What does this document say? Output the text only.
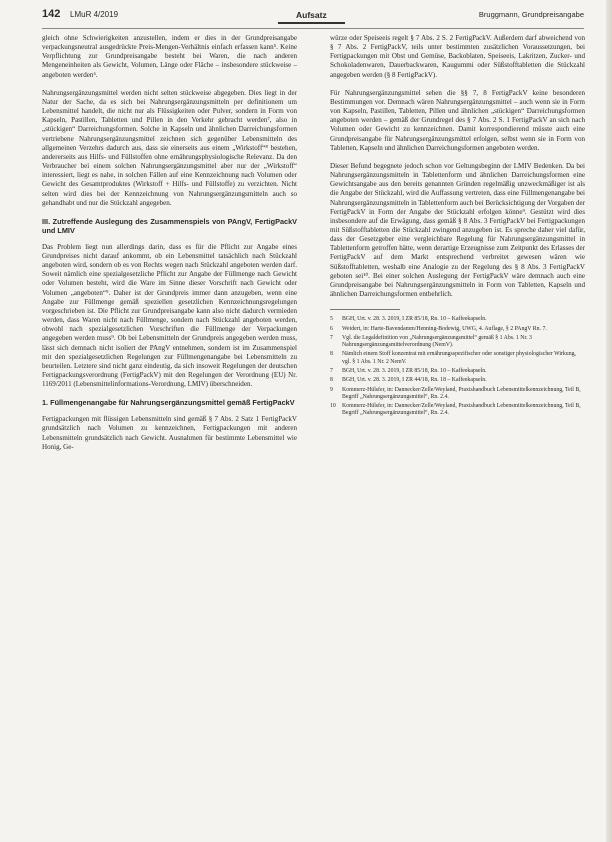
142 LMuR 4/2019	Aufsatz	Bruggmann, Grundpreisangabe

gleich ohne Schwierigkeiten anzustellen, indem er dies in der Grundpreisangabe verpackungsneutral ausgedrückte Preis-Mengen-Verhältnis einfach erfassen kann⁵. Keine Verpflichtung zur Grundpreisangabe besteht bei Waren, die nach anderen Mengeneinheiten als Gewicht, Volumen, Länge oder Fläche – insbesondere stückweise – angeboten werden⁶.

Nahrungsergänzungsmittel werden nicht selten stückweise abgegeben. Dies liegt in der Natur der Sache, da es sich bei Nahrungsergänzungsmitteln per definitionem um Lebensmittel handelt, die nicht nur als Flüssigkeiten oder Pulver, sondern in Form von Kapseln, Pastillen, Tabletten und Pillen in den Verkehr gebracht werden⁷, also in „stückigen“ Darreichungsformen. Solche in Kapseln und ähnlichen Darreichungsformen vertriebene Nahrungsergänzungsmittel zeichnen sich gegenüber Lebensmitteln des allgemeinen Verzehrs dadurch aus, dass sie einerseits aus einem „Wirkstoff“⁸ bestehen, andererseits aus Hilfs- und Füllstoffen ohne ernährungsphysiologische Relevanz. Da den Verbraucher bei einem solchen Nahrungsergänzungsmittel aber nur der „Wirkstoff“ interessiert, liegt es nahe, in solchen Fällen auf eine Kennzeichnung nach Volumen oder Gewicht des Gesamtproduktes (Wirkstoff + Hilfs- und Füllstoffe) zu verzichten. Nicht selten wird dies bei der Kennzeichnung von Nahrungsergänzungsmitteln auch so gehandhabt und nur die Stückzahl angegeben.

III. Zutreffende Auslegung des Zusammenspiels von PAngV, FertigPackV und LMIV

Das Problem liegt nun allerdings darin, dass es für die Pflicht zur Angabe eines Grundpreises nicht darauf ankommt, ob ein Lebensmittel tatsächlich nach Stückzahl angeboten wird, sondern ob es von Rechts wegen nach Stückzahl angeboten werden darf. Soweit nämlich eine spezialgesetzliche Pflicht zur Angabe der Füllmenge nach Gewicht oder Volumen besteht, wird die Ware im Sinne dieser Vorschrift nach Gewicht oder Volumen „angeboten“⁹. Daher ist der Grundpreis immer dann anzugeben, wenn eine Angabe zur Füllmenge gemäß speziellen gesetzlichen Kennzeichnungsregelungen vorgeschrieben ist. Die Pflicht zur Grundpreisangabe kann also nicht dadurch vermieden werden, dass Waren nicht nach Füllmenge, sondern nach Stückzahl angeboten werden, obwohl nach spezialgesetzlichen Vorschriften die Füllmenge der Verpackungen angegeben werden muss⁹. Ob bei Lebensmitteln der Grundpreis angegeben werden muss, lässt sich demnach nicht isoliert der PAngV entnehmen, sondern ist im Zusammenspiel mit den spezialgesetzlichen Regelungen zur Füllmengenangabe bei Lebensmitteln zu beurteilen. Letztere sind nicht ganz eindeutig, da sich insoweit Regelungen der deutschen Fertigpackungsverordnung (FertigPackV) mit den Regelungen der Verordnung (EU) Nr. 1169/2011 (Lebensmittelinformations-Verordnung, LMIV) überschneiden.

1. Füllmengenangabe für Nahrungsergänzungsmittel gemäß FertigPackV

Fertigpackungen mit flüssigen Lebensmitteln sind gemäß § 7 Abs. 2 Satz 1 FertigPackV grundsätzlich nach Volumen zu kennzeichnen, Fertigpackungen mit anderen Lebensmitteln grundsätzlich nach Gewicht. Ausnahmen für bestimmte Lebensmittel wie Honig, Ge-

würze oder Speiseeis regelt § 7 Abs. 2 S. 2 FertigPackV. Außerdem darf abweichend von § 7 Abs. 2 FertigPackV, teils unter bestimmten zusätzlichen Voraussetzungen, bei Fertigpackungen mit Obst und Gemüse, Backoblaten, Speiseeis, Lakritzen, Zucker- und Schokoladenwaren, Dauerbackwaren, Kaugummi oder Süßstofftabletten die Stückzahl angegeben werden (§ 8 FertigPackV).

Für Nahrungsergänzungsmittel sehen die §§ 7, 8 FertigPackV keine besonderen Bestimmungen vor. Demnach wären Nahrungsergänzungsmittel – auch wenn sie in Form von Kapseln, Pastillen, Tabletten, Pillen und ähnlichen „stückigen“ Darreichungsformen angeboten werden – gemäß der Grundregel des § 7 Abs. 2 S. 1 FertigPackV an sich nach Volumen oder Gewicht zu kennzeichnen. Damit korrespondierend müsste auch eine Grundpreisangabe für Nahrungsergänzungsmittel erfolgen, selbst wenn sie in Form von Tabletten, Kapseln und ähnlichen Darreichungsformen angeboten werden.

Dieser Befund begegnete jedoch schon vor Geltungsbeginn der LMIV Bedenken. Da bei Nahrungsergänzungsmitteln in Tablettenform und ähnlichen Darreichungsformen eine Gewichtsangabe aus den bereits genannten Gründen regelmäßig unzweckmäßiger ist als die Angabe der Stückzahl, wird die Auffassung vertreten, dass eine Füllmengenangabe bei Nahrungsergänzungsmitteln in Tablettenform auch bei Berücksichtigung der Vorgaben der FertigPackV in Form der Angabe der Stückzahl erfolgen könne⁹. Gestützt wird dies insbesondere auf die Erwägung, dass gemäß § 8 Abs. 3 FertigPackV bei Fertigpackungen mit Süßstofftabletten die Stückzahl zwingend anzugeben ist. Es spreche daher viel dafür, dass der Gesetzgeber eine vergleichbare Regelung für Nahrungsergänzungsmittel in Tablettenform getroffen hätte, wenn derartige Erzeugnisse zum Zeitpunkt des Erlasses der FertigPackV auf dem Markt entsprechend verbreitet gewesen wären wie Süßstofftabletten, weshalb eine Analogie zu der Regelung des § 8 Abs. 3 FertigPackV geboten sei¹⁰. Bei einer solchen Auslegung der FertigPackV wäre demnach auch eine Grundpreisangabe bei Nahrungsergänzungsmitteln in Form von Tabletten, Kapseln und ähnlichen Darreichungsformen entbehrlich.

5	BGH, Urt. v. 28. 3. 2019, I ZR 85/18, Rn. 10 – Kaffeekapseln.
6	Weidert, in: Harte-Bavendamm/Henning-Bodewig, UWG, 4. Auflage, § 2 PAngV Rn. 7.
7	Vgl. die Legaldefinition von „Nahrungsergänzungsmittel“ gemäß § 1 Abs. 1 Nr. 3 Nahrungsergänzungsmittelverordnung (NemV).
8	Nämlich einem Stoff konzentrat mit ernährungsspezifischer oder sonstiger physiologischer Wirkung, vgl. § 1 Abs. 1 Nr. 2 NemV.
7	BGH, Urt. v. 28. 3. 2019, I ZR 85/18, Rn. 10 – Kaffeekapseln.
8	BGH, Urt. v. 28. 3. 2019, I ZR 44/18, Rn. 18 – Kaffeekapseln.
9	Kommerz-Hülsfer, in: Dannecker/Zelle/Weyland, Praxishandbuch Lebensmittelkennzeichnung, Teil B, Begriff „Nahrungsergänzungsmittel“, Rn. 2.4.
10	Kommerz-Hülsfer, in: Dannecker/Zelle/Weyland, Praxishandbuch Lebensmittelkennzeichnung, Teil B, Begriff „Nahrungsergänzungsmittel“, Rn. 2.4.
